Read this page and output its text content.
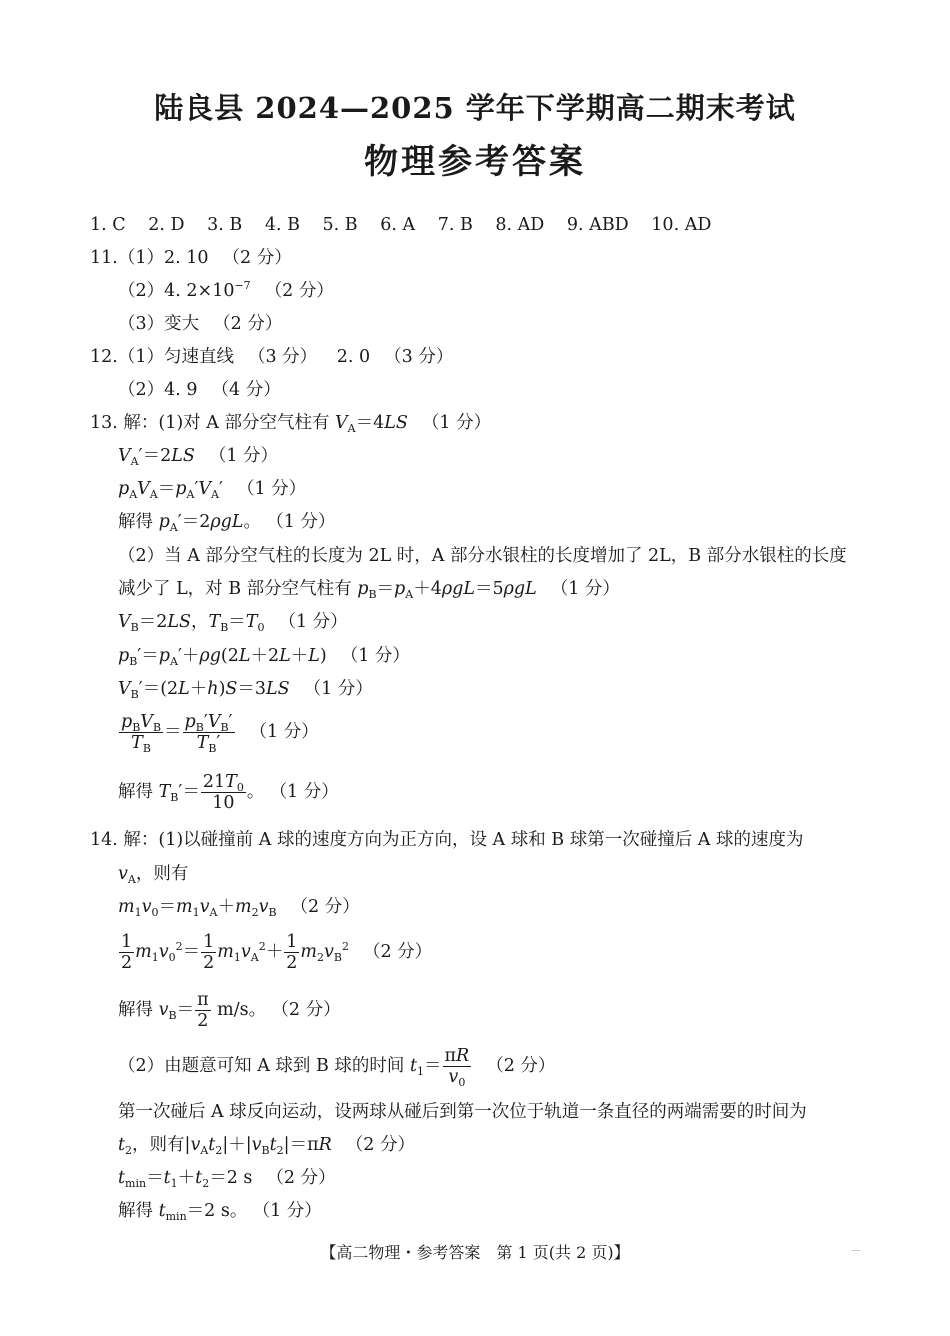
陆良县 2024—2025 学年下学期高二期末考试
物理参考答案
1. C 2. D 3. B 4. B 5. B 6. A 7. B 8. AD 9. ABD 10. AD
11.（1）2. 10 （2 分）
（2）4. $2\times 10^{-7}$ （2 分）
（3）变大 （2 分）
12.（1）匀速直线 （3 分） 2. 0 （3 分）
（2）4. 9 （4 分）
13. 解：(1)对 A 部分空气柱有 $V_A=4LS$ （1 分）
$V_A'=2LS$ （1 分）
$p_AV_A=p_A'V_A'$ （1 分）
解得 $p_A'=2\rho gL$。 （1 分）
（2）当 A 部分空气柱的长度为 2L 时，A 部分水银柱的长度增加了 2L，B 部分水银柱的长度
减少了 L，对 B 部分空气柱有 $p_B=p_A+4\rho gL=5\rho gL$ （1 分）
$V_B=2LS$，$T_B=T_0$ （1 分）
$p_B'=p_A'+\rho g(2L+2L+L)$ （1 分）
$V_B'=(2L+h)S=3LS$ （1 分）
$p_BV_B$
$T_B$
＝ $\frac{p_B'V_B'}{T_B'} (1$ 分）
解得 $T_B'= \frac{21T_0}{10}$ 。 （1 分）
14. 解：(1)以碰撞前 A 球的速度方向为正方向，设 A 球和 B 球第一次碰撞后 A 球的速度为
$v_A$，则有
$m_1v_0=m_1v_A+m_2v_B$ （2 分）
$\frac{1}{2} m_1v_0^2= \frac{1}{2} m_1v_A^2+ \frac{1}{2} m_2v_B^2$ （2 分）
解得 $v_B= \frac{\pi}{2} m/s$。 （2 分）
（2）由题意可知 A 球到 B 球的时间 $t_1= \frac{\pi R}{v_0} (2$ 分）
第一次碰后 A 球反向运动，设两球从碰后到第一次位于轨道一条直径的两端需要的时间为
$t_2$，则有$|v_At_2|+|v_Bt_2|=\pi R$ （2 分）
$t_{min}=t_1+t_2=2$ s （2 分）
解得 $t_{min}=2$ s。 （1 分）
【高二物理・参考答案　第 1 页(共 2 页)】
